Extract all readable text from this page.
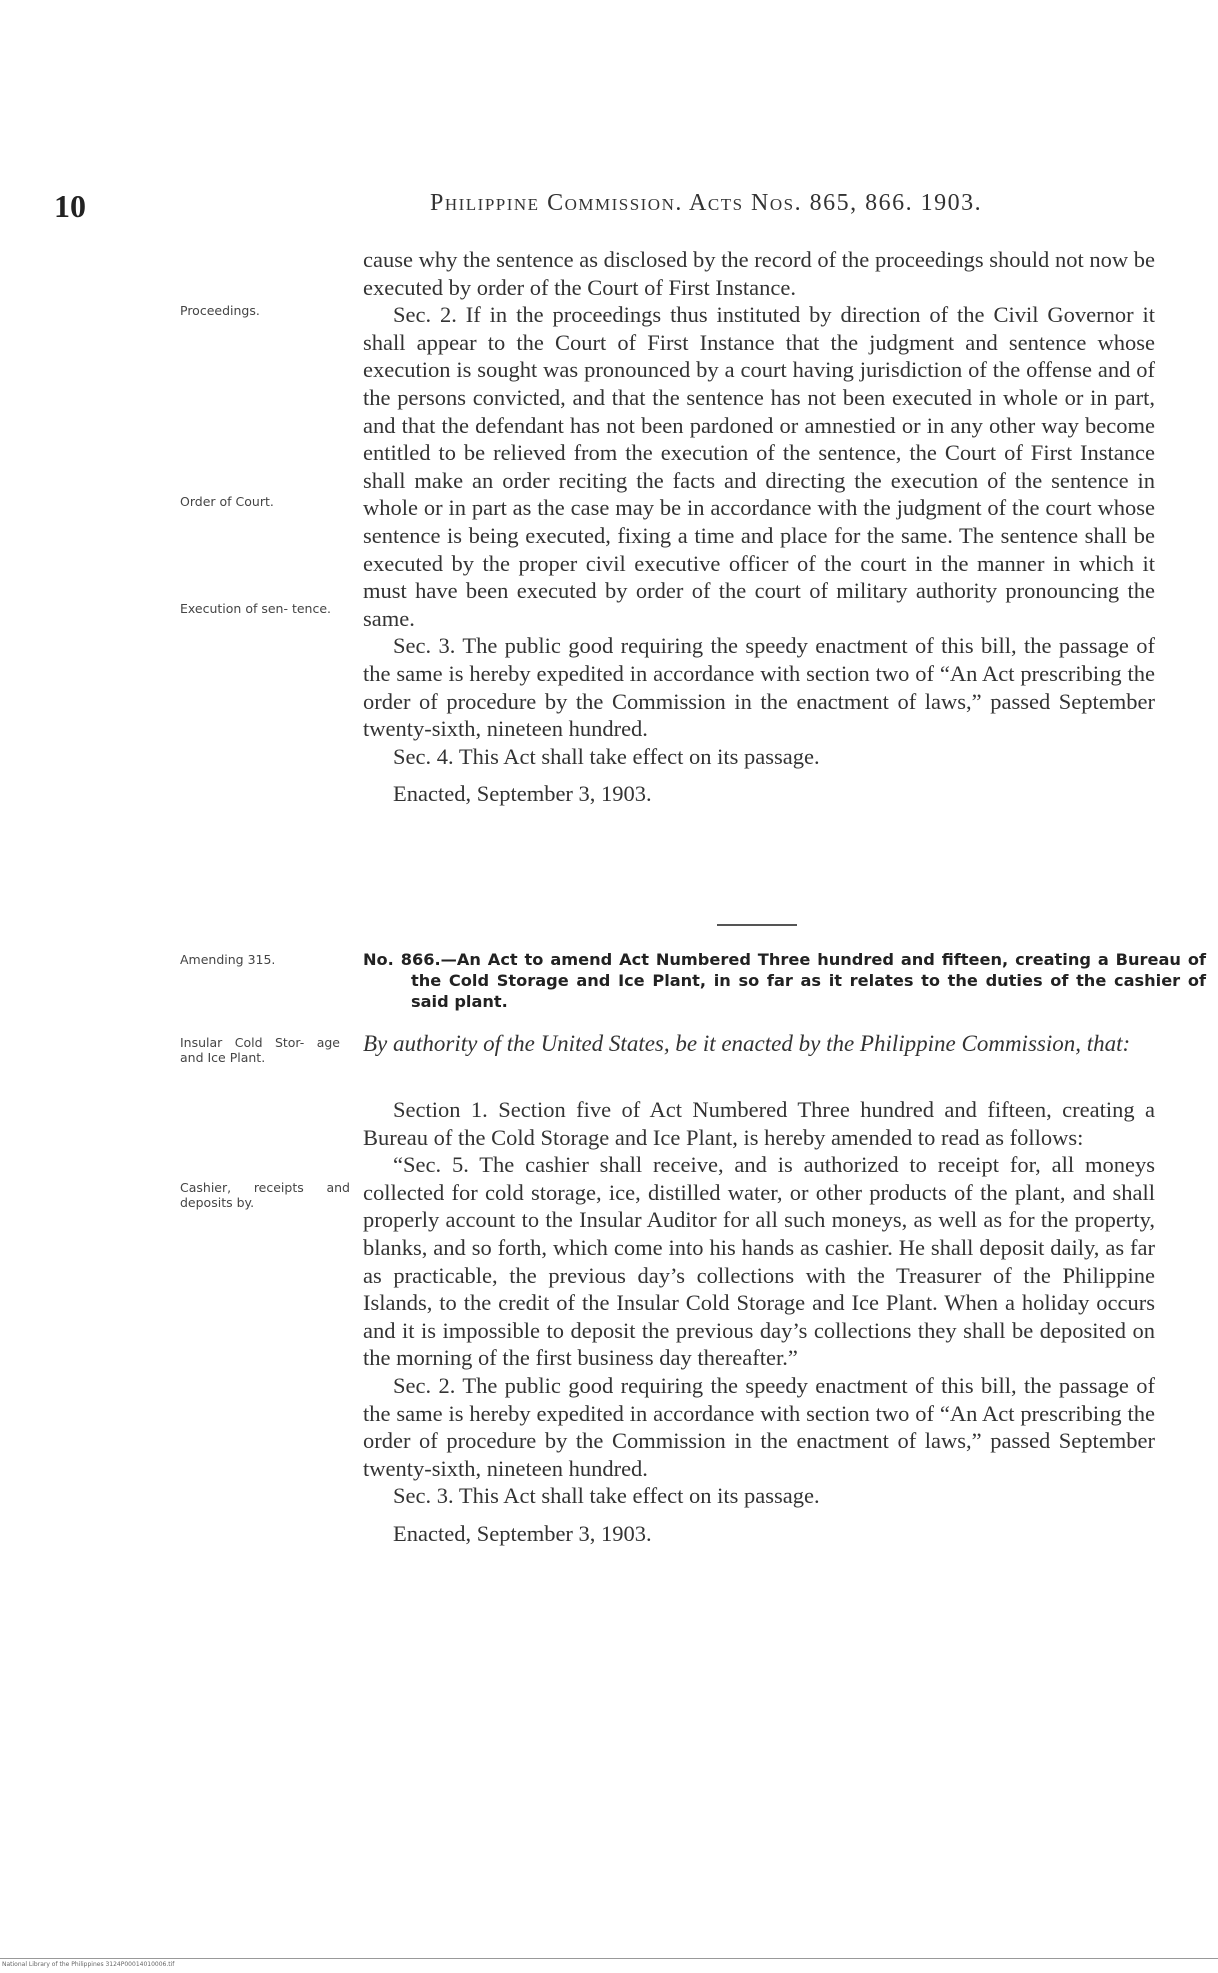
10	Philippine Commission. Acts Nos. 865, 866. 1903.
Proceedings.
Order of Court.
Execution of sen- tence.
Amending 315.
Insular Cold Stor- age and Ice Plant.
Cashier, receipts and deposits by.

cause why the sentence as disclosed by the record of the proceedings should not now be executed by order of the Court of First Instance.

Sec. 2. If in the proceedings thus instituted by direction of the Civil Governor it shall appear to the Court of First Instance that the judgment and sentence whose execution is sought was pronounced by a court having jurisdiction of the offense and of the persons convicted, and that the sentence has not been executed in whole or in part, and that the defendant has not been pardoned or amnestied or in any other way become entitled to be relieved from the execution of the sentence, the Court of First Instance shall make an order reciting the facts and directing the execution of the sentence in whole or in part as the case may be in accordance with the judgment of the court whose sentence is being executed, fixing a time and place for the same. The sentence shall be executed by the proper civil executive officer of the court in the manner in which it must have been executed by order of the court of military authority pronouncing the same.

Sec. 3. The public good requiring the speedy enactment of this bill, the passage of the same is hereby expedited in accordance with section two of “An Act prescribing the order of procedure by the Commission in the enactment of laws,” passed September twenty-sixth, nineteen hundred.

Sec. 4. This Act shall take effect on its passage.

Enacted, September 3, 1903.

No. 866.—An Act to amend Act Numbered Three hundred and fifteen, creating a Bureau of the Cold Storage and Ice Plant, in so far as it relates to the duties of the cashier of said plant.
By authority of the United States, be it enacted by the Philippine Commission, that:

Section 1. Section five of Act Numbered Three hundred and fifteen, creating a Bureau of the Cold Storage and Ice Plant, is hereby amended to read as follows:

“Sec. 5. The cashier shall receive, and is authorized to receipt for, all moneys collected for cold storage, ice, distilled water, or other products of the plant, and shall properly account to the Insular Auditor for all such moneys, as well as for the property, blanks, and so forth, which come into his hands as cashier. He shall deposit daily, as far as practicable, the previous day’s collections with the Treasurer of the Philippine Islands, to the credit of the Insular Cold Storage and Ice Plant. When a holiday occurs and it is impossible to deposit the previous day’s collections they shall be deposited on the morning of the first business day thereafter.”

Sec. 2. The public good requiring the speedy enactment of this bill, the passage of the same is hereby expedited in accordance with section two of “An Act prescribing the order of procedure by the Commission in the enactment of laws,” passed September twenty-sixth, nineteen hundred.

Sec. 3. This Act shall take effect on its passage.

Enacted, September 3, 1903.

National Library of the Philippines 3124P00014010006.tif
